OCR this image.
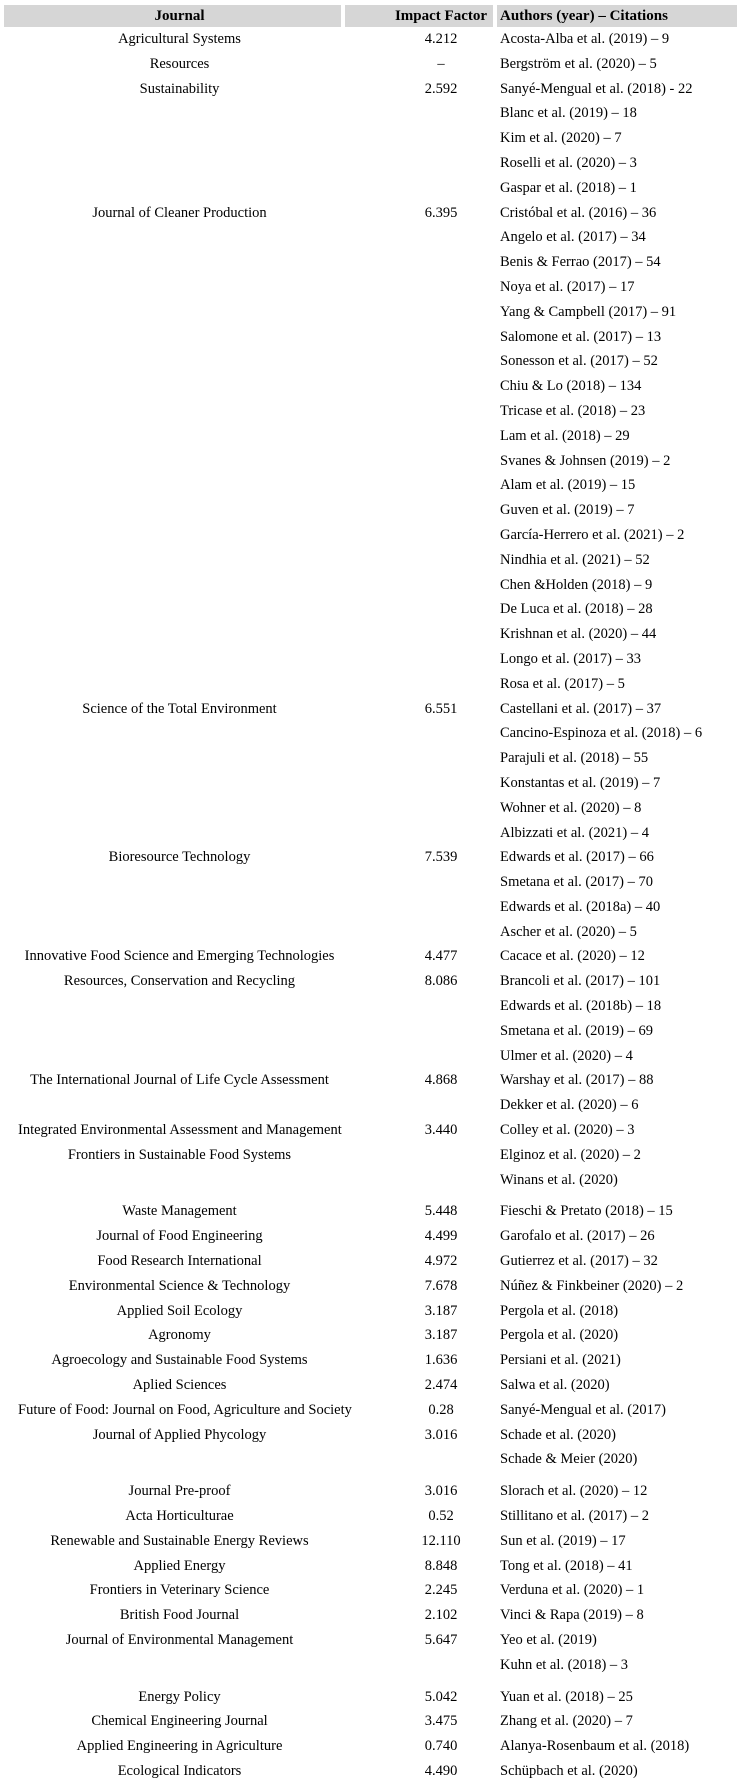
Journal	Impact Factor	Authors (year) – Citations
Agricultural Systems	4.212	Acosta-Alba et al. (2019) – 9
Resources	–	Bergström et al. (2020) – 5
Sustainability	2.592	Sanyé-Mengual et al. (2018) - 22
		Blanc et al. (2019) – 18
		Kim et al. (2020) – 7
		Roselli et al. (2020) – 3
		Gaspar et al. (2018) – 1
Journal of Cleaner Production	6.395	Cristóbal et al. (2016) – 36
		Angelo et al. (2017) – 34
		Benis & Ferrao (2017) – 54
		Noya et al. (2017) – 17
		Yang & Campbell (2017) – 91
		Salomone et al. (2017) – 13
		Sonesson et al. (2017) – 52
		Chiu & Lo (2018) – 134
		Tricase et al. (2018) – 23
		Lam et al. (2018) – 29
		Svanes & Johnsen (2019) – 2
		Alam et al. (2019) – 15
		Guven et al. (2019) – 7
		García-Herrero et al. (2021) – 2
		Nindhia et al. (2021) – 52
		Chen &Holden (2018) – 9
		De Luca et al. (2018) – 28
		Krishnan et al. (2020) – 44
		Longo et al. (2017) – 33
		Rosa et al. (2017) – 5
Science of the Total Environment	6.551	Castellani et al. (2017) – 37
		Cancino-Espinoza et al. (2018) – 6
		Parajuli et al. (2018) – 55
		Konstantas et al. (2019) – 7
		Wohner et al. (2020) – 8
		Albizzati et al. (2021) – 4
Bioresource Technology	7.539	Edwards et al. (2017) – 66
		Smetana et al. (2017) – 70
		Edwards et al. (2018a) – 40
		Ascher et al. (2020) – 5
Innovative Food Science and Emerging Technologies	4.477	Cacace et al. (2020) – 12
Resources, Conservation and Recycling	8.086	Brancoli et al. (2017) – 101
		Edwards et al. (2018b) – 18
		Smetana et al. (2019) – 69
		Ulmer et al. (2020) – 4
The International Journal of Life Cycle Assessment	4.868	Warshay et al. (2017) – 88
		Dekker et al. (2020) – 6
Integrated Environmental Assessment and Management	3.440	Colley et al. (2020) – 3
Frontiers in Sustainable Food Systems		Elginoz et al. (2020) – 2
		Winans et al. (2020)
Waste Management	5.448	Fieschi & Pretato (2018) – 15
Journal of Food Engineering	4.499	Garofalo et al. (2017) – 26
Food Research International	4.972	Gutierrez et al. (2017) – 32
Environmental Science & Technology	7.678	Núñez & Finkbeiner (2020) – 2
Applied Soil Ecology	3.187	Pergola et al. (2018)
Agronomy	3.187	Pergola et al. (2020)
Agroecology and Sustainable Food Systems	1.636	Persiani et al. (2021)
Aplied Sciences	2.474	Salwa et al. (2020)
Future of Food: Journal on Food, Agriculture and Society	0.28	Sanyé-Mengual et al. (2017)
Journal of Applied Phycology	3.016	Schade et al. (2020)
		Schade & Meier (2020)
Journal Pre-proof	3.016	Slorach et al. (2020) – 12
Acta Horticulturae	0.52	Stillitano et al. (2017) – 2
Renewable and Sustainable Energy Reviews	12.110	Sun et al. (2019) – 17
Applied Energy	8.848	Tong et al. (2018) – 41
Frontiers in Veterinary Science	2.245	Verduna et al. (2020) – 1
British Food Journal	2.102	Vinci & Rapa (2019) – 8
Journal of Environmental Management	5.647	Yeo et al. (2019)
		Kuhn et al. (2018) – 3
Energy Policy	5.042	Yuan et al. (2018) – 25
Chemical Engineering Journal	3.475	Zhang et al. (2020) – 7
Applied Engineering in Agriculture	0.740	Alanya-Rosenbaum et al. (2018)
Ecological Indicators	4.490	Schüpbach et al. (2020)
